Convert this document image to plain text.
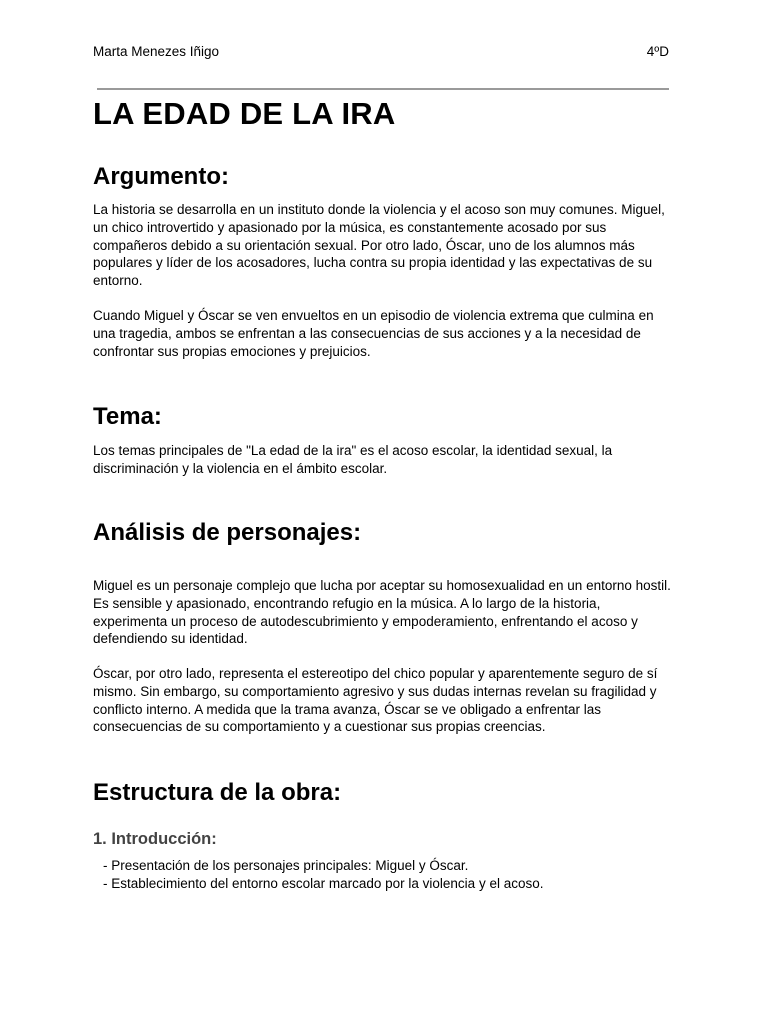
Marta Menezes Iñigo	4ºD
LA EDAD DE LA IRA
Argumento:

La historia se desarrolla en un instituto donde la violencia y el acoso son muy comunes. Miguel, un chico introvertido y apasionado por la música, es constantemente acosado por sus compañeros debido a su orientación sexual. Por otro lado, Óscar, uno de los alumnos más populares y líder de los acosadores, lucha contra su propia identidad y las expectativas de su entorno.

Cuando Miguel y Óscar se ven envueltos en un episodio de violencia extrema que culmina en una tragedia, ambos se enfrentan a las consecuencias de sus acciones y a la necesidad de confrontar sus propias emociones y prejuicios.

Tema:

Los temas principales de "La edad de la ira" es el acoso escolar, la identidad sexual, la discriminación y la violencia en el ámbito escolar.

Análisis de personajes:

Miguel es un personaje complejo que lucha por aceptar su homosexualidad en un entorno hostil. Es sensible y apasionado, encontrando refugio en la música. A lo largo de la historia, experimenta un proceso de autodescubrimiento y empoderamiento, enfrentando el acoso y defendiendo su identidad.

Óscar, por otro lado, representa el estereotipo del chico popular y aparentemente seguro de sí mismo. Sin embargo, su comportamiento agresivo y sus dudas internas revelan su fragilidad y conflicto interno. A medida que la trama avanza, Óscar se ve obligado a enfrentar las consecuencias de su comportamiento y a cuestionar sus propias creencias.

Estructura de la obra:
1. Introducción:
- Presentación de los personajes principales: Miguel y Óscar.
- Establecimiento del entorno escolar marcado por la violencia y el acoso.
